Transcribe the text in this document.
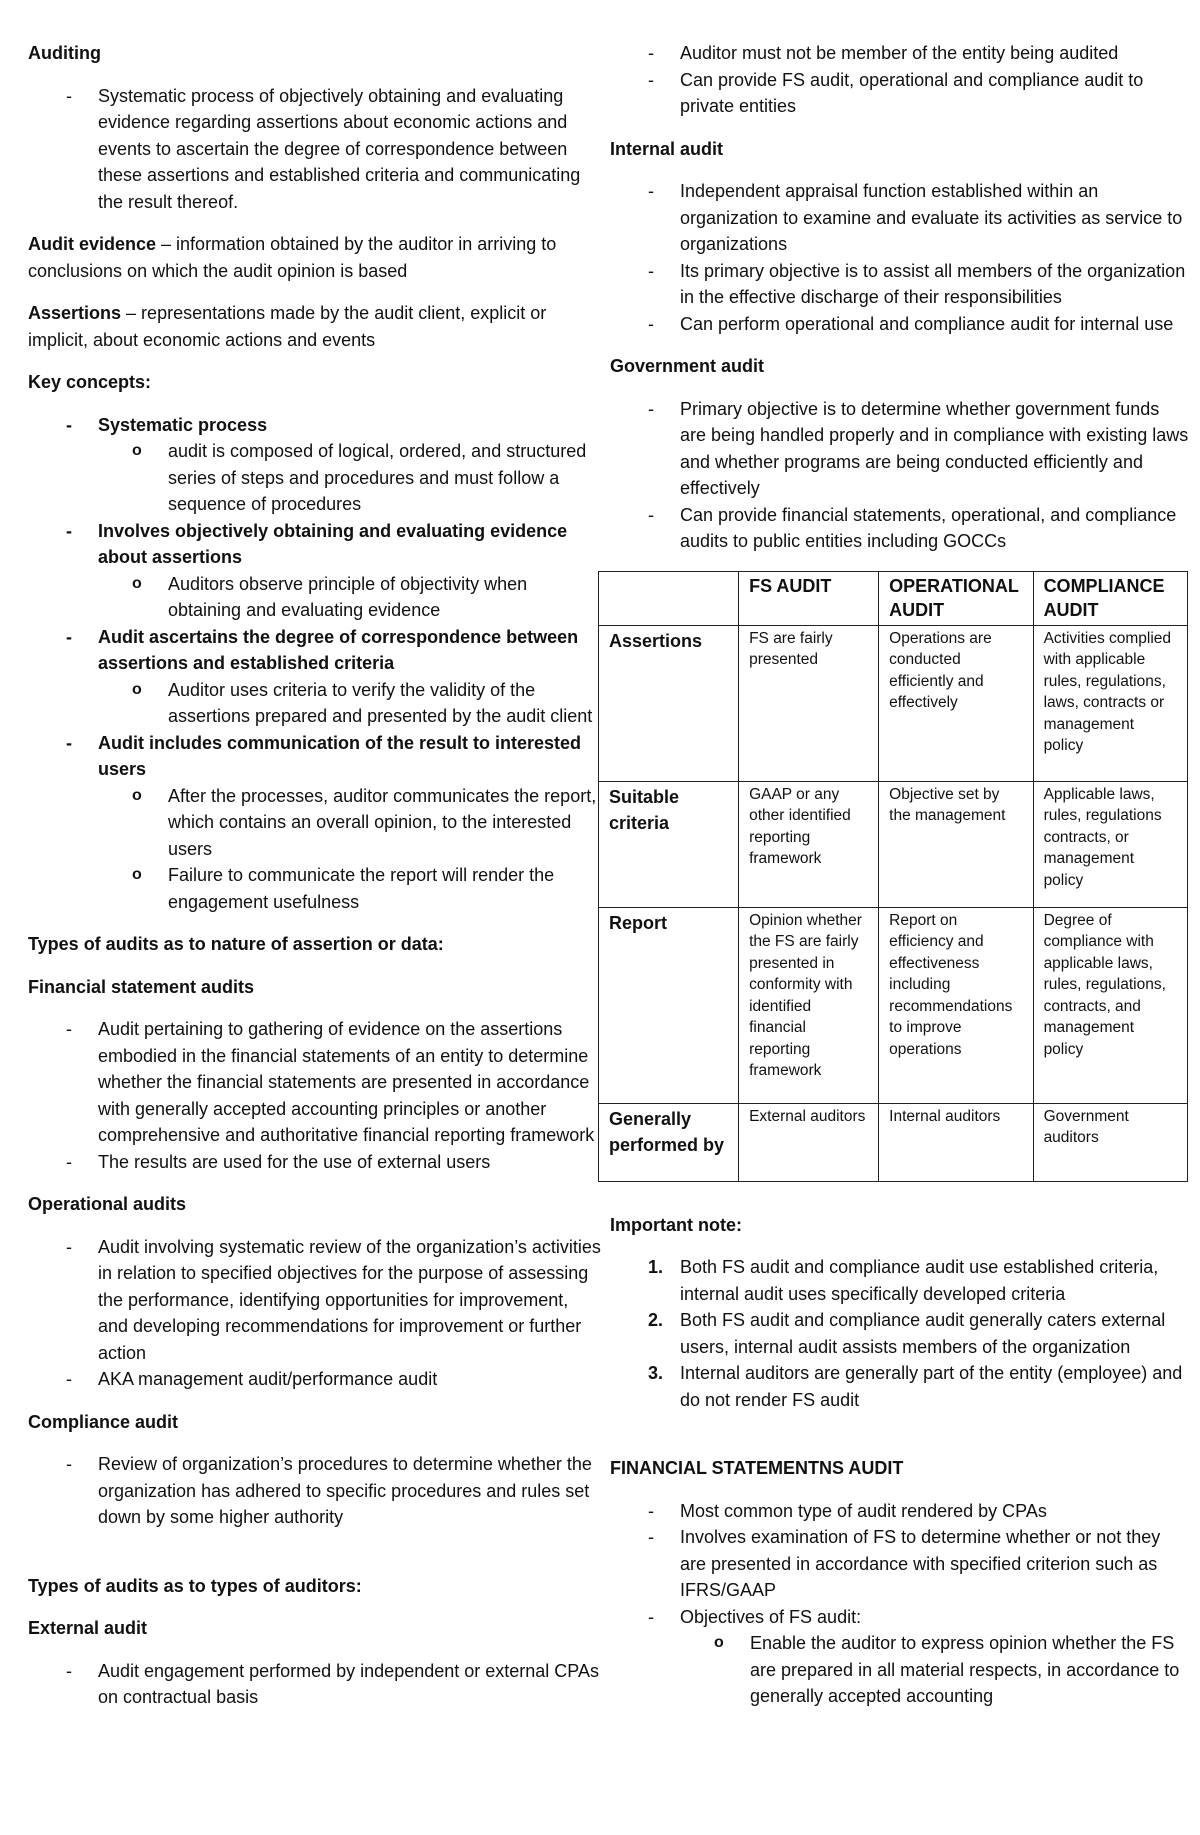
Auditing
- Systematic process of objectively obtaining and evaluating evidence regarding assertions about economic actions and events to ascertain the degree of correspondence between these assertions and established criteria and communicating the result thereof.

Audit evidence – information obtained by the auditor in arriving to conclusions on which the audit opinion is based

Assertions – representations made by the audit client, explicit or implicit, about economic actions and events

Key concepts:
- Systematic process
o audit is composed of logical, ordered, and structured series of steps and procedures and must follow a sequence of procedures
- Involves objectively obtaining and evaluating evidence about assertions
o Auditors observe principle of objectivity when obtaining and evaluating evidence
- Audit ascertains the degree of correspondence between assertions and established criteria
o Auditor uses criteria to verify the validity of the assertions prepared and presented by the audit client
- Audit includes communication of the result to interested users
o After the processes, auditor communicates the report, which contains an overall opinion, to the interested users
o Failure to communicate the report will render the engagement usefulness
Types of audits as to nature of assertion or data:
Financial statement audits
- Audit pertaining to gathering of evidence on the assertions embodied in the financial statements of an entity to determine whether the financial statements are presented in accordance with generally accepted accounting principles or another comprehensive and authoritative financial reporting framework
- The results are used for the use of external users
Operational audits
- Audit involving systematic review of the organization’s activities in relation to specified objectives for the purpose of assessing the performance, identifying opportunities for improvement, and developing recommendations for improvement or further action
- AKA management audit/performance audit
Compliance audit
- Review of organization’s procedures to determine whether the organization has adhered to specific procedures and rules set down by some higher authority
Types of audits as to types of auditors:
External audit
- Audit engagement performed by independent or external CPAs on contractual basis
- Auditor must not be member of the entity being audited
- Can provide FS audit, operational and compliance audit to private entities
Internal audit
- Independent appraisal function established within an organization to examine and evaluate its activities as service to organizations
- Its primary objective is to assist all members of the organization in the effective discharge of their responsibilities
- Can perform operational and compliance audit for internal use
Government audit
- Primary objective is to determine whether government funds are being handled properly and in compliance with existing laws and whether programs are being conducted efficiently and effectively
- Can provide financial statements, operational, and compliance audits to public entities including GOCCs
	FS AUDIT	OPERATIONAL AUDIT	COMPLIANCE AUDIT
Assertions	FS are fairly presented	Operations are conducted efficiently and effectively	Activities complied with applicable rules, regulations, laws, contracts or management policy
Suitable criteria	GAAP or any other identified reporting framework	Objective set by the management	Applicable laws, rules, regulations contracts, or management policy
Report	Opinion whether the FS are fairly presented in conformity with identified financial reporting framework	Report on efficiency and effectiveness including recommendations to improve operations	Degree of compliance with applicable laws, rules, regulations, contracts, and management policy
Generally performed by	External auditors	Internal auditors	Government auditors
Important note:
1. Both FS audit and compliance audit use established criteria, internal audit uses specifically developed criteria
2. Both FS audit and compliance audit generally caters external users, internal audit assists members of the organization
3. Internal auditors are generally part of the entity (employee) and do not render FS audit
FINANCIAL STATEMENTNS AUDIT
- Most common type of audit rendered by CPAs
- Involves examination of FS to determine whether or not they are presented in accordance with specified criterion such as IFRS/GAAP
- Objectives of FS audit:
o Enable the auditor to express opinion whether the FS are prepared in all material respects, in accordance to generally accepted accounting
